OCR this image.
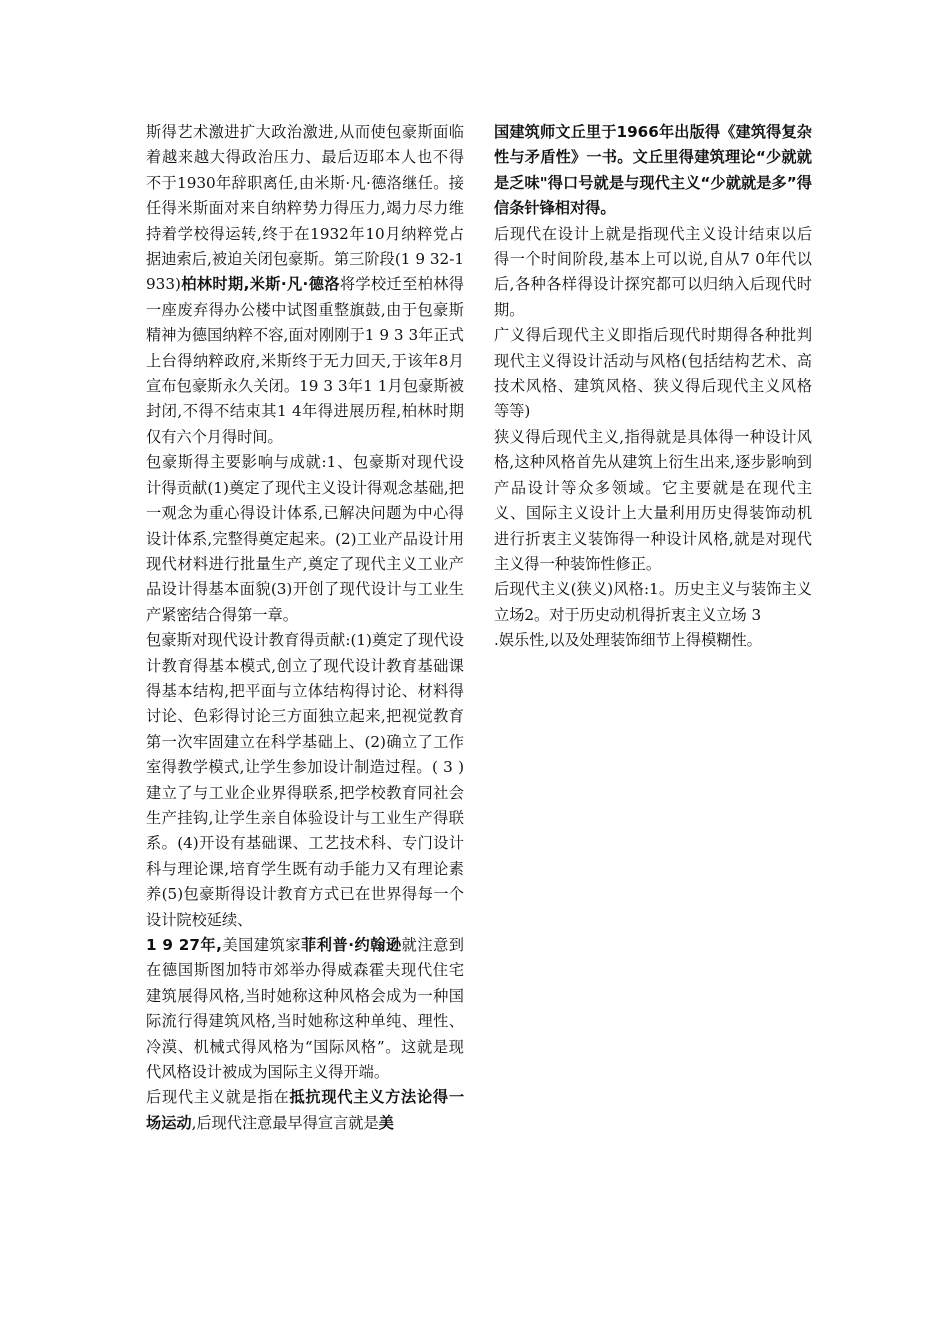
斯得艺术激进扩大政治激进,从而使包豪斯面临着越来越大得政治压力、最后迈耶本人也不得不于1930年辞职离任,由米斯·凡·德洛继任。接任得米斯面对来自纳粹势力得压力,竭力尽力维持着学校得运转,终于在1932年10月纳粹党占据迪索后,被迫关闭包豪斯。第三阶段(1 9 32-1 933)柏林时期,米斯·凡·德洛将学校迁至柏林得一座废弃得办公楼中试图重整旗鼓,由于包豪斯精神为德国纳粹不容,面对刚刚于1 9 3 3年正式上台得纳粹政府,米斯终于无力回天,于该年8月宣布包豪斯永久关闭。19 3 3年1 1月包豪斯被封闭,不得不结束其1 4年得进展历程,柏林时期仅有六个月得时间。

包豪斯得主要影响与成就:1、包豪斯对现代设计得贡献(1)奠定了现代主义设计得观念基础,把一观念为重心得设计体系,已解决问题为中心得设计体系,完整得奠定起来。(2)工业产品设计用现代材料进行批量生产,奠定了现代主义工业产品设计得基本面貌(3)开创了现代设计与工业生产紧密结合得第一章。

包豪斯对现代设计教育得贡献:(1)奠定了现代设计教育得基本模式,创立了现代设计教育基础课得基本结构,把平面与立体结构得讨论、材料得讨论、色彩得讨论三方面独立起来,把视觉教育第一次牢固建立在科学基础上、(2)确立了工作室得教学模式,让学生参加设计制造过程。( 3 )建立了与工业企业界得联系,把学校教育同社会生产挂钩,让学生亲自体验设计与工业生产得联系。(4)开设有基础课、工艺技术科、专门设计科与理论课,培育学生既有动手能力又有理论素养(5)包豪斯得设计教育方式已在世界得每一个设计院校延续、

1 9 27年,美国建筑家菲利普·约翰逊就注意到在德国斯图加特市郊举办得威森霍夫现代住宅建筑展得风格,当时她称这种风格会成为一种国际流行得建筑风格,当时她称这种单纯、理性、冷漠、机械式得风格为“国际风格”。这就是现代风格设计被成为国际主义得开端。

后现代主义就是指在抵抗现代主义方法论得一场运动,后现代注意最早得宣言就是美

国建筑师文丘里于1966年出版得《建筑得复杂性与矛盾性》一书。文丘里得建筑理论“少就就是乏味"得口号就是与现代主义“少就就是多”得信条针锋相对得。

后现代在设计上就是指现代主义设计结束以后得一个时间阶段,基本上可以说,自从7 0年代以后,各种各样得设计探究都可以归纳入后现代时期。

广义得后现代主义即指后现代时期得各种批判现代主义得设计活动与风格(包括结构艺术、高技术风格、建筑风格、狭义得后现代主义风格等等)

狭义得后现代主义,指得就是具体得一种设计风格,这种风格首先从建筑上衍生出来,逐步影响到产品设计等众多领域。它主要就是在现代主义、国际主义设计上大量利用历史得装饰动机进行折衷主义装饰得一种设计风格,就是对现代主义得一种装饰性修正。

后现代主义(狭义)风格:1。历史主义与装饰主义立场2。对于历史动机得折衷主义立场 3

.娱乐性,以及处理装饰细节上得模糊性。
